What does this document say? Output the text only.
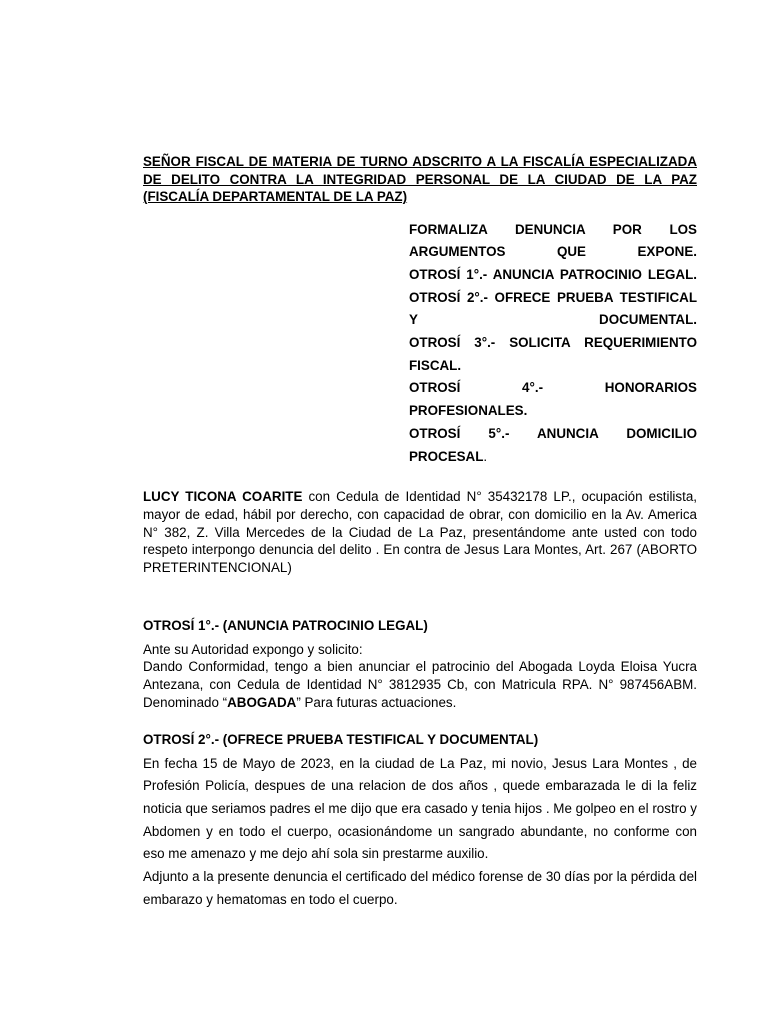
SEÑOR FISCAL DE MATERIA DE TURNO ADSCRITO A LA FISCALÍA ESPECIALIZADA DE DELITO CONTRA LA INTEGRIDAD PERSONAL DE LA CIUDAD DE LA PAZ (FISCALÍA DEPARTAMENTAL DE LA PAZ)

FORMALIZA DENUNCIA POR LOS ARGUMENTOS QUE EXPONE.
OTROSÍ 1°.- ANUNCIA PATROCINIO LEGAL.
OTROSÍ 2°.- OFRECE PRUEBA TESTIFICAL Y DOCUMENTAL.
OTROSÍ 3°.- SOLICITA REQUERIMIENTO FISCAL.
OTROSÍ 4°.- HONORARIOS PROFESIONALES.
OTROSÍ 5°.- ANUNCIA DOMICILIO PROCESAL.

LUCY TICONA COARITE con Cedula de Identidad N° 35432178 LP., ocupación estilista, mayor de edad, hábil por derecho, con capacidad de obrar, con domicilio en la Av. America N° 382, Z. Villa Mercedes de la Ciudad de La Paz, presentándome ante usted con todo respeto interpongo denuncia del delito . En contra de Jesus Lara Montes, Art. 267 (ABORTO PRETERINTENCIONAL)

OTROSÍ 1°.- (ANUNCIA PATROCINIO LEGAL)

Ante su Autoridad expongo y solicito:

Dando Conformidad, tengo a bien anunciar el patrocinio del Abogada Loyda Eloisa Yucra Antezana, con Cedula de Identidad N° 3812935 Cb, con Matricula RPA. N° 987456ABM. Denominado “ABOGADA” Para futuras actuaciones.

OTROSÍ 2°.- (OFRECE PRUEBA TESTIFICAL Y DOCUMENTAL)

En fecha 15 de Mayo de 2023, en la ciudad de La Paz, mi novio, Jesus Lara Montes , de Profesión Policía, despues de una relacion de dos años , quede embarazada le di la feliz noticia que seriamos padres el me dijo que era casado y tenia hijos . Me golpeo en el rostro y Abdomen y en todo el cuerpo, ocasionándome un sangrado abundante, no conforme con eso me amenazo y me dejo ahí sola sin prestarme auxilio.

Adjunto a la presente denuncia el certificado del médico forense de 30 días por la pérdida del embarazo y hematomas en todo el cuerpo.
